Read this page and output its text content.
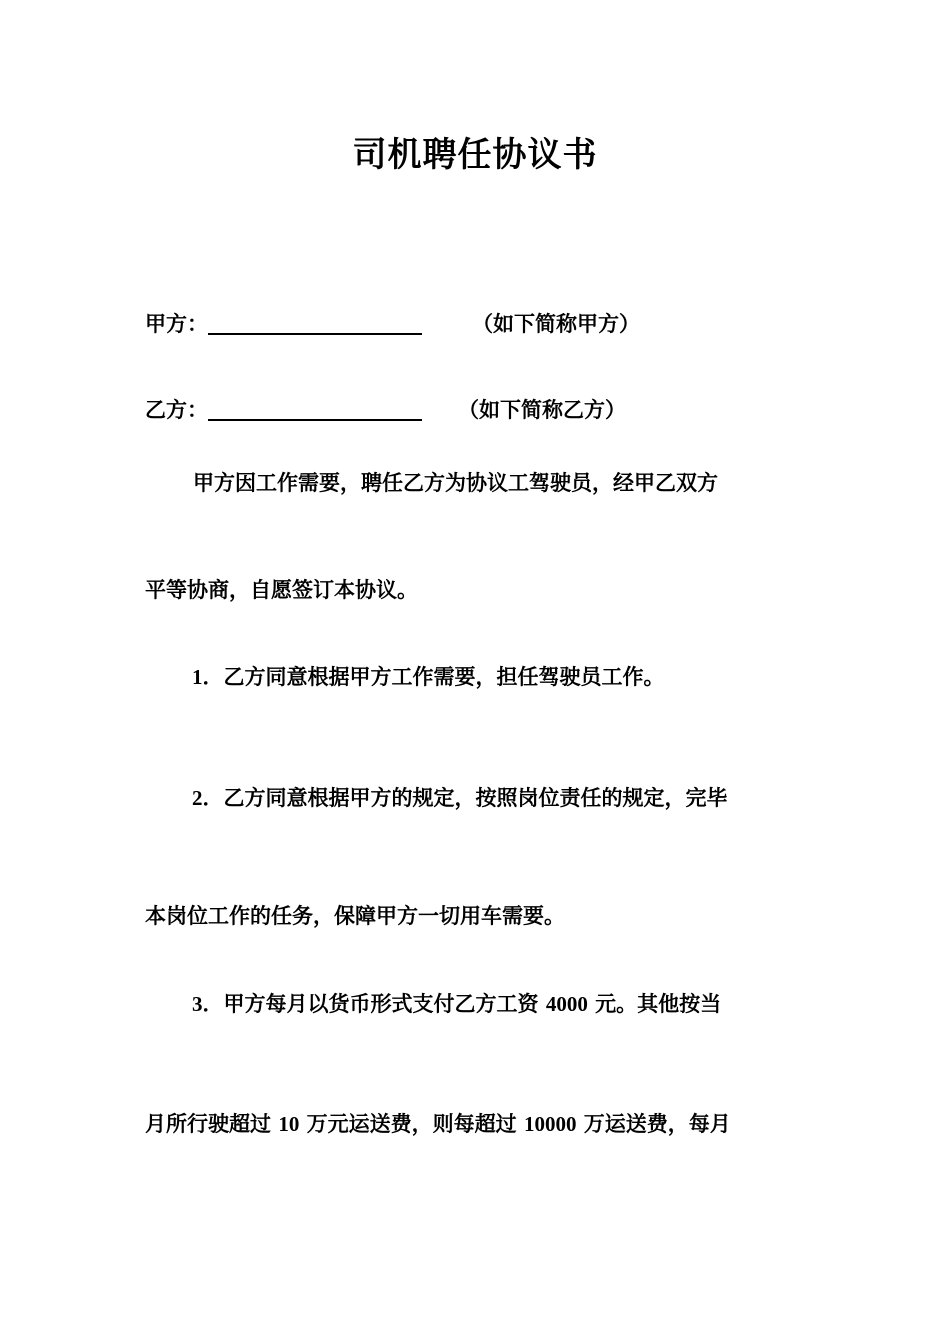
司机聘任协议书
甲方：	（如下简称甲方）
乙方：	（如下简称乙方）
甲方因工作需要，聘任乙方为协议工驾驶员，经甲乙双方
平等协商，自愿签订本协议。
1．乙方同意根据甲方工作需要，担任驾驶员工作。
2．乙方同意根据甲方的规定，按照岗位责任的规定，完毕
本岗位工作的任务，保障甲方一切用车需要。
3．甲方每月以货币形式支付乙方工资 4000 元。其他按当
月所行驶超过 10 万元运送费，则每超过 10000 万运送费，每月
